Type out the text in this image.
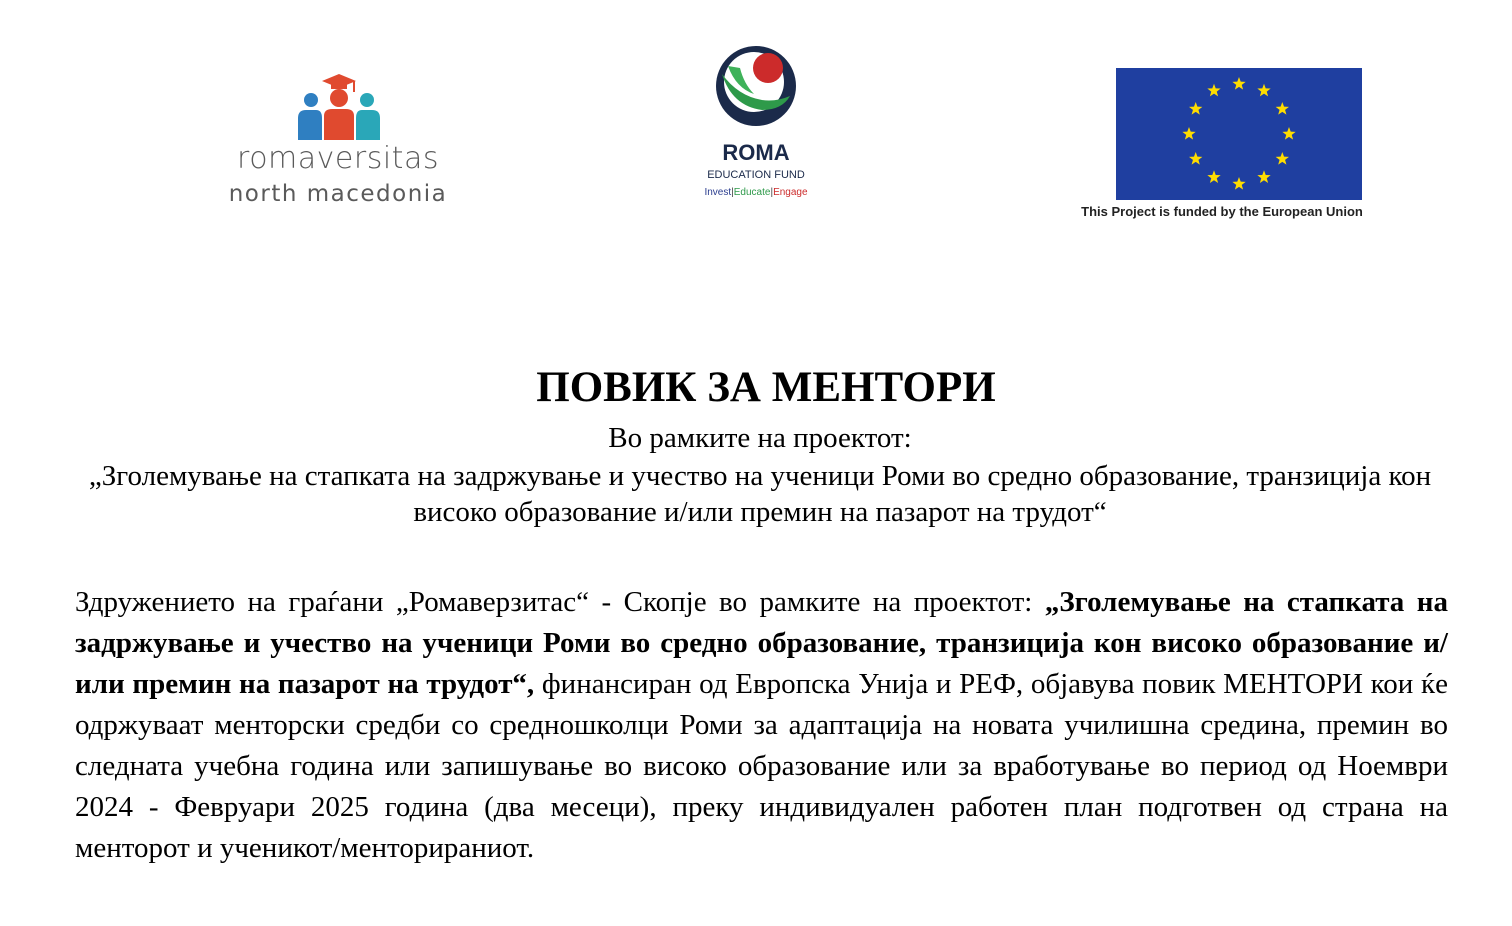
romaversitas
north macedonia
ROMA
EDUCATION FUND
Invest|Educate|Engage
This Project is funded by the European Union
ПОВИК ЗА МЕНТОРИ

Во рамките на проектот:

„Зголемување на стапката на задржување и учество на ученици Роми во средно образование, транзиција кон високо образование и/или премин на пазарот на трудот“

Здружението на граѓани „Ромаверзитас“ - Скопје во рамките на проектот: „Зголемување на стапката на задржување и учество на ученици Роми во средно образование, транзиција кон високо образование и/или премин на пазарот на трудот“, финансиран од Европска Унија и РЕФ, објавува повик МЕНТОРИ кои ќе одржуваат менторски средби со средношколци Роми за адаптација на новата училишна средина, премин во следната учебна година или запишување во високо образование или за вработување во период од Ноември 2024 - Февруари 2025 година (два месеци), преку индивидуален работен план подготвен од страна на менторот и ученикот/менторираниот.
